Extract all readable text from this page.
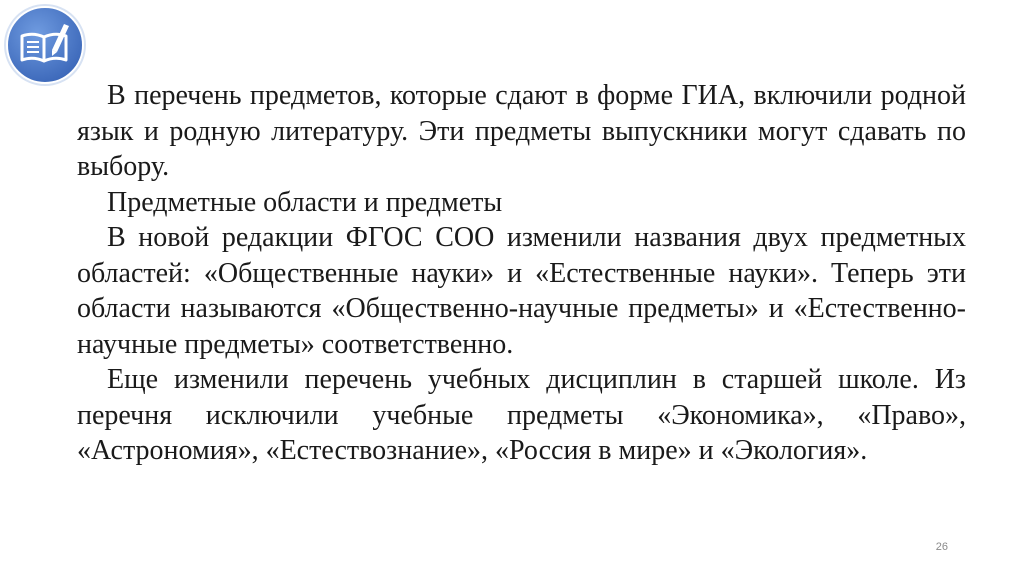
В перечень предметов, которые сдают в форме ГИА, включили родной язык и родную литературу. Эти предметы выпускники могут сдавать по выбору.

Предметные области и предметы

В новой редакции ФГОС СОО изменили названия двух предметных областей: «Общественные науки» и «Естественные науки». Теперь эти области называются «Общественно-научные предметы» и «Естественно-научные предметы» соответственно.

Еще изменили перечень учебных дисциплин в старшей школе. Из перечня исключили учебные предметы «Экономика», «Право», «Астрономия», «Естествознание», «Россия в мире» и «Экология».

26
